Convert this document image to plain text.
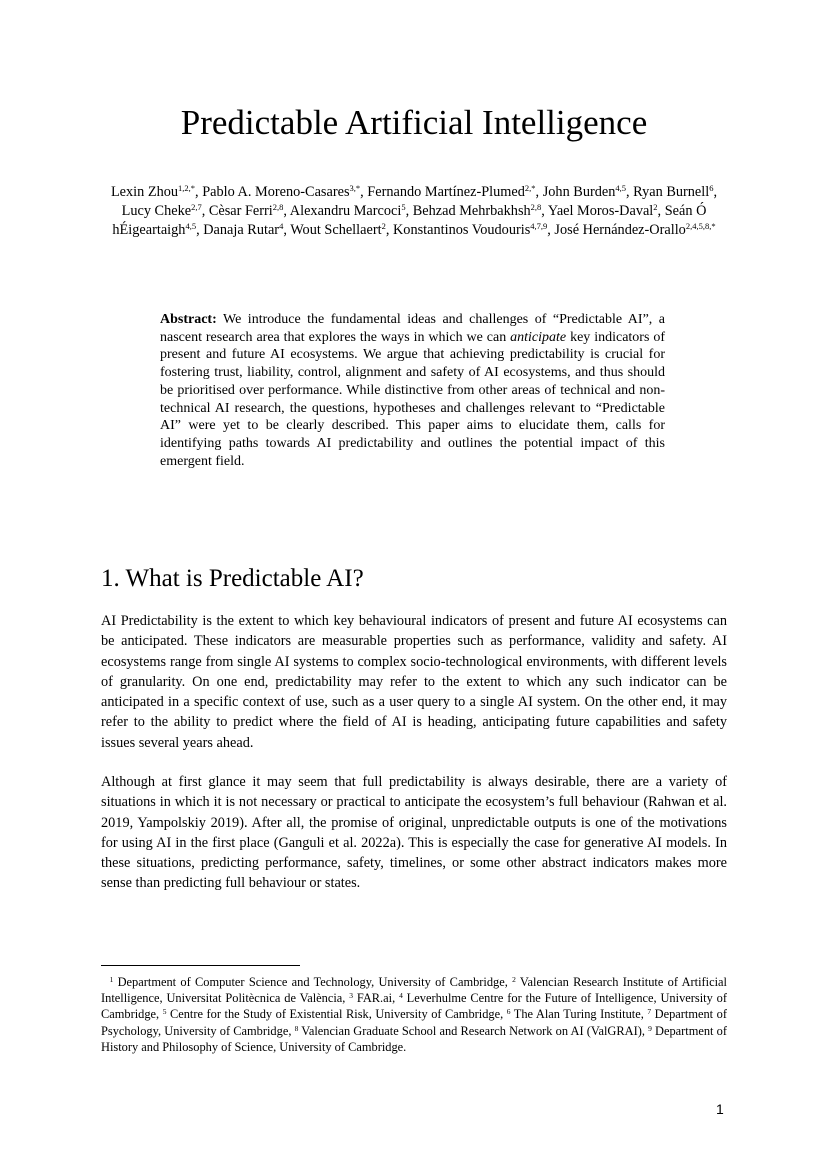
Predictable Artificial Intelligence
Lexin Zhou$^{1,2,*}$, Pablo A. Moreno-Casares$^{3,*}$, Fernando Martínez-Plumed$^{2,*}$, John Burden$^{4,5}$, Ryan Burnell$^6$, Lucy Cheke$^{2,7}$, Cèsar Ferri$^{2,8}$, Alexandru Marcoci$^5$, Behzad Mehrbakhsh$^{2,8}$, Yael Moros-Daval$^2$, Seán Ó hÉigeartaigh$^{4,5}$, Danaja Rutar$^4$, Wout Schellaert$^2$, Konstantinos Voudouris$^{4,7,9}$, José Hernández-Orallo$^{2,4,5,8,*}$
Abstract: We introduce the fundamental ideas and challenges of “Predictable AI”, a nascent research area that explores the ways in which we can anticipate key indicators of present and future AI ecosystems. We argue that achieving predictability is crucial for fostering trust, liability, control, alignment and safety of AI ecosystems, and thus should be prioritised over performance. While distinctive from other areas of technical and non-technical AI research, the questions, hypotheses and challenges relevant to “Predictable AI” were yet to be clearly described. This paper aims to elucidate them, calls for identifying paths towards AI predictability and outlines the potential impact of this emergent field.
1. What is Predictable AI?

AI Predictability is the extent to which key behavioural indicators of present and future AI ecosystems can be anticipated. These indicators are measurable properties such as performance, validity and safety. AI ecosystems range from single AI systems to complex socio-technological environments, with different levels of granularity. On one end, predictability may refer to the extent to which any such indicator can be anticipated in a specific context of use, such as a user query to a single AI system. On the other end, it may refer to the ability to predict where the field of AI is heading, anticipating future capabilities and safety issues several years ahead.

Although at first glance it may seem that full predictability is always desirable, there are a variety of situations in which it is not necessary or practical to anticipate the ecosystem’s full behaviour (Rahwan et al. 2019, Yampolskiy 2019). After all, the promise of original, unpredictable outputs is one of the motivations for using AI in the first place (Ganguli et al. 2022a). This is especially the case for generative AI models. In these situations, predicting performance, safety, timelines, or some other abstract indicators makes more sense than predicting full behaviour or states.

$^1$ Department of Computer Science and Technology, University of Cambridge, $^2$ Valencian Research Institute of Artificial Intelligence, Universitat Politècnica de València, $^3$ FAR.ai, $^4$ Leverhulme Centre for the Future of Intelligence, University of Cambridge, $^5$ Centre for the Study of Existential Risk, University of Cambridge, $^6$ The Alan Turing Institute, $^7$ Department of Psychology, University of Cambridge, $^8$ Valencian Graduate School and Research Network on AI (ValGRAI), $^9$ Department of History and Philosophy of Science, University of Cambridge.
1
